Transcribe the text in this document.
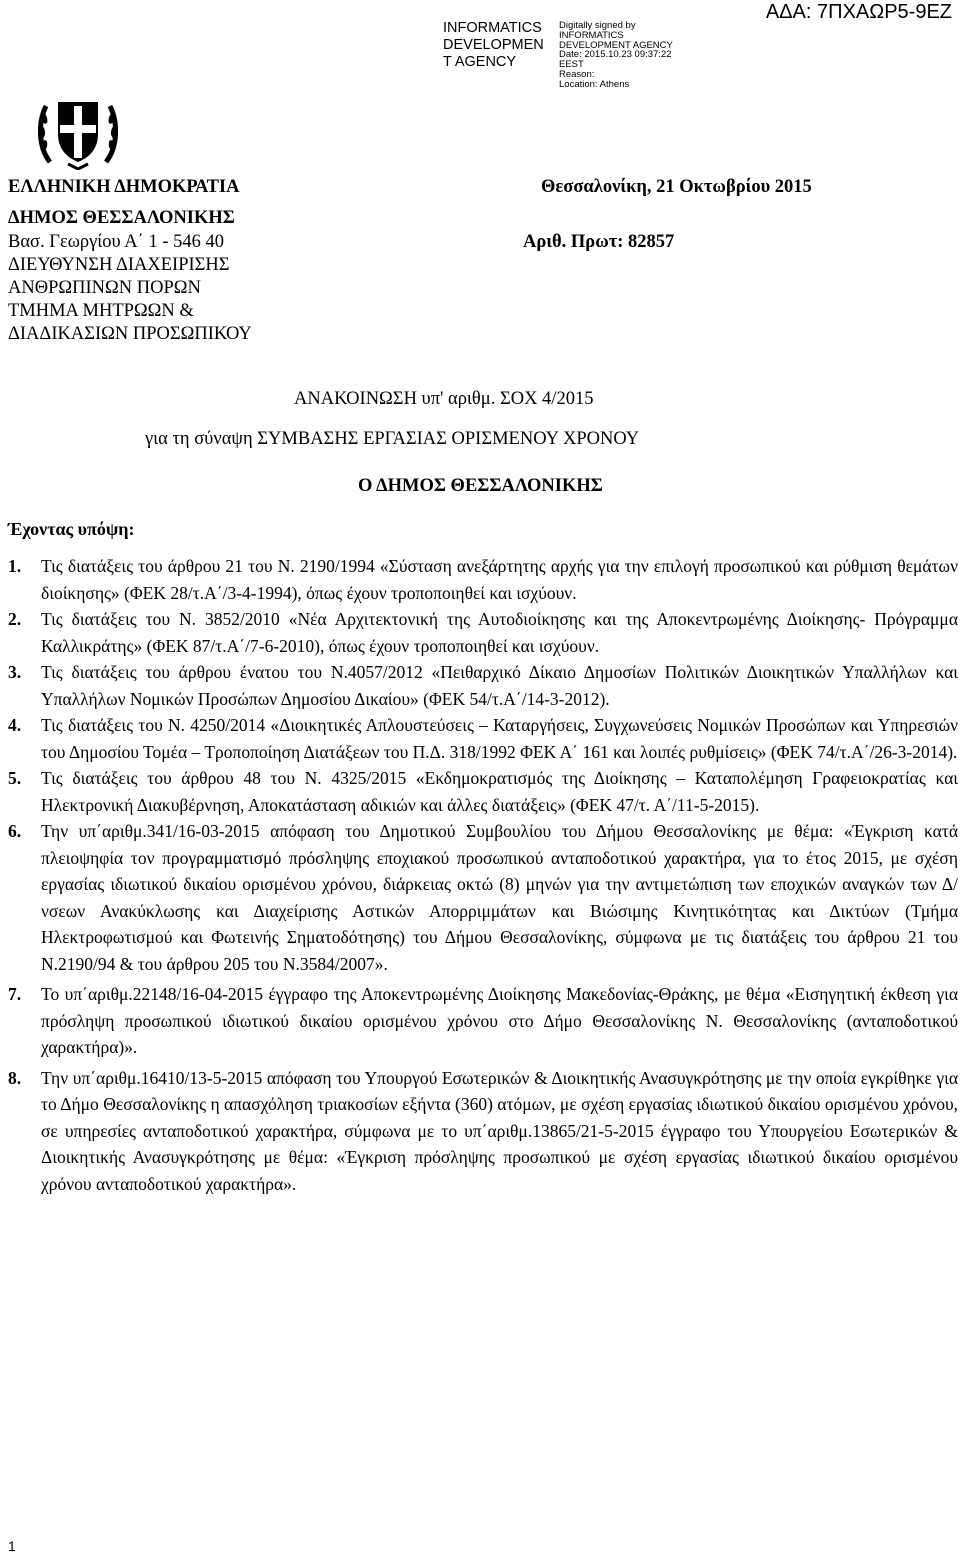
INFORMATICS DEVELOPMEN T AGENCY
Digitally signed by
INFORMATICS
DEVELOPMENT AGENCY
Date: 2015.10.23 09:37:22
EEST
Reason:
Location: Athens
ΑΔΑ: 7ΠΧΑΩΡ5-9ΕΖ
ΕΛΛΗΝΙΚΗ ΔΗΜΟΚΡΑΤΙΑ	Θεσσαλονίκη, 21 Οκτωβρίου 2015
ΔΗΜΟΣ ΘΕΣΣΑΛΟΝΙΚΗΣ
Βασ. Γεωργίου Α΄ 1 - 546 40	Αριθ. Πρωτ: 82857
ΔΙΕΥΘΥΝΣΗ ΔΙΑΧΕΙΡΙΣΗΣ
ΑΝΘΡΩΠΙΝΩΝ ΠΟΡΩΝ
ΤΜΗΜΑ ΜΗΤΡΩΩΝ &
ΔΙΑΔΙΚΑΣΙΩΝ ΠΡΟΣΩΠΙΚΟΥ
ΑΝΑΚΟΙΝΩΣΗ υπ' αριθμ. ΣΟΧ 4/2015
για τη σύναψη ΣΥΜΒΑΣΗΣ ΕΡΓΑΣΙΑΣ ΟΡΙΣΜΕΝΟΥ ΧΡΟΝΟΥ
Ο ΔΗΜΟΣ ΘΕΣΣΑΛΟΝΙΚΗΣ
Έχοντας υπόψη:
1.	Τις διατάξεις του άρθρου 21 του Ν. 2190/1994 «Σύσταση ανεξάρτητης αρχής για την επιλογή προσωπικού και ρύθμιση θεμάτων διοίκησης» (ΦΕΚ 28/τ.Α΄/3-4-1994), όπως έχουν τροποποιηθεί και ισχύουν.
2.	Τις διατάξεις του Ν. 3852/2010 «Νέα Αρχιτεκτονική της Αυτοδιοίκησης και της Αποκεντρωμένης Διοίκησης- Πρόγραμμα Καλλικράτης» (ΦΕΚ 87/τ.Α΄/7-6-2010), όπως έχουν τροποποιηθεί και ισχύουν.
3.	Τις διατάξεις του άρθρου ένατου του Ν.4057/2012 «Πειθαρχικό Δίκαιο Δημοσίων Πολιτικών Διοικητικών Υπαλλήλων και Υπαλλήλων Νομικών Προσώπων Δημοσίου Δικαίου» (ΦΕΚ 54/τ.Α΄/14-3-2012).
4.	Τις διατάξεις του Ν. 4250/2014 «Διοικητικές Απλουστεύσεις – Καταργήσεις, Συγχωνεύσεις Νομικών Προσώπων και Υπηρεσιών του Δημοσίου Τομέα – Τροποποίηση Διατάξεων του Π.Δ. 318/1992 ΦΕΚ Α΄ 161 και λοιπές ρυθμίσεις» (ΦΕΚ 74/τ.Α΄/26-3-2014).
5.	Τις διατάξεις του άρθρου 48 του Ν. 4325/2015 «Εκδημοκρατισμός της Διοίκησης – Καταπολέμηση Γραφειοκρατίας και Ηλεκτρονική Διακυβέρνηση, Αποκατάσταση αδικιών και άλλες διατάξεις» (ΦΕΚ 47/τ. Α΄/11-5-2015).
6.	Την υπ΄αριθμ.341/16-03-2015 απόφαση του Δημοτικού Συμβουλίου του Δήμου Θεσσαλονίκης με θέμα: «Έγκριση κατά πλειοψηφία τον προγραμματισμό πρόσληψης εποχιακού προσωπικού ανταποδοτικού χαρακτήρα, για το έτος 2015, με σχέση εργασίας ιδιωτικού δικαίου ορισμένου χρόνου, διάρκειας οκτώ (8) μηνών για την αντιμετώπιση των εποχικών αναγκών των Δ/νσεων Ανακύκλωσης και Διαχείρισης Αστικών Απορριμμάτων και Βιώσιμης Κινητικότητας και Δικτύων (Τμήμα Ηλεκτροφωτισμού και Φωτεινής Σηματοδότησης) του Δήμου Θεσσαλονίκης, σύμφωνα με τις διατάξεις του άρθρου 21 του Ν.2190/94 & του άρθρου 205 του Ν.3584/2007».
7.	Το υπ΄αριθμ.22148/16-04-2015 έγγραφο της Αποκεντρωμένης Διοίκησης Μακεδονίας-Θράκης, με θέμα «Εισηγητική έκθεση για πρόσληψη προσωπικού ιδιωτικού δικαίου ορισμένου χρόνου στο Δήμο Θεσσαλονίκης Ν. Θεσσαλονίκης (ανταποδοτικού χαρακτήρα)».
8.	Την υπ΄αριθμ.16410/13-5-2015 απόφαση του Υπουργού Εσωτερικών & Διοικητικής Ανασυγκρότησης με την οποία εγκρίθηκε για το Δήμο Θεσσαλονίκης η απασχόληση τριακοσίων εξήντα (360) ατόμων, με σχέση εργασίας ιδιωτικού δικαίου ορισμένου χρόνου, σε υπηρεσίες ανταποδοτικού χαρακτήρα, σύμφωνα με το υπ΄αριθμ.13865/21-5-2015 έγγραφο του Υπουργείου Εσωτερικών & Διοικητικής Ανασυγκρότησης με θέμα: «Έγκριση πρόσληψης προσωπικού με σχέση εργασίας ιδιωτικού δικαίου ορισμένου χρόνου ανταποδοτικού χαρακτήρα».
1
